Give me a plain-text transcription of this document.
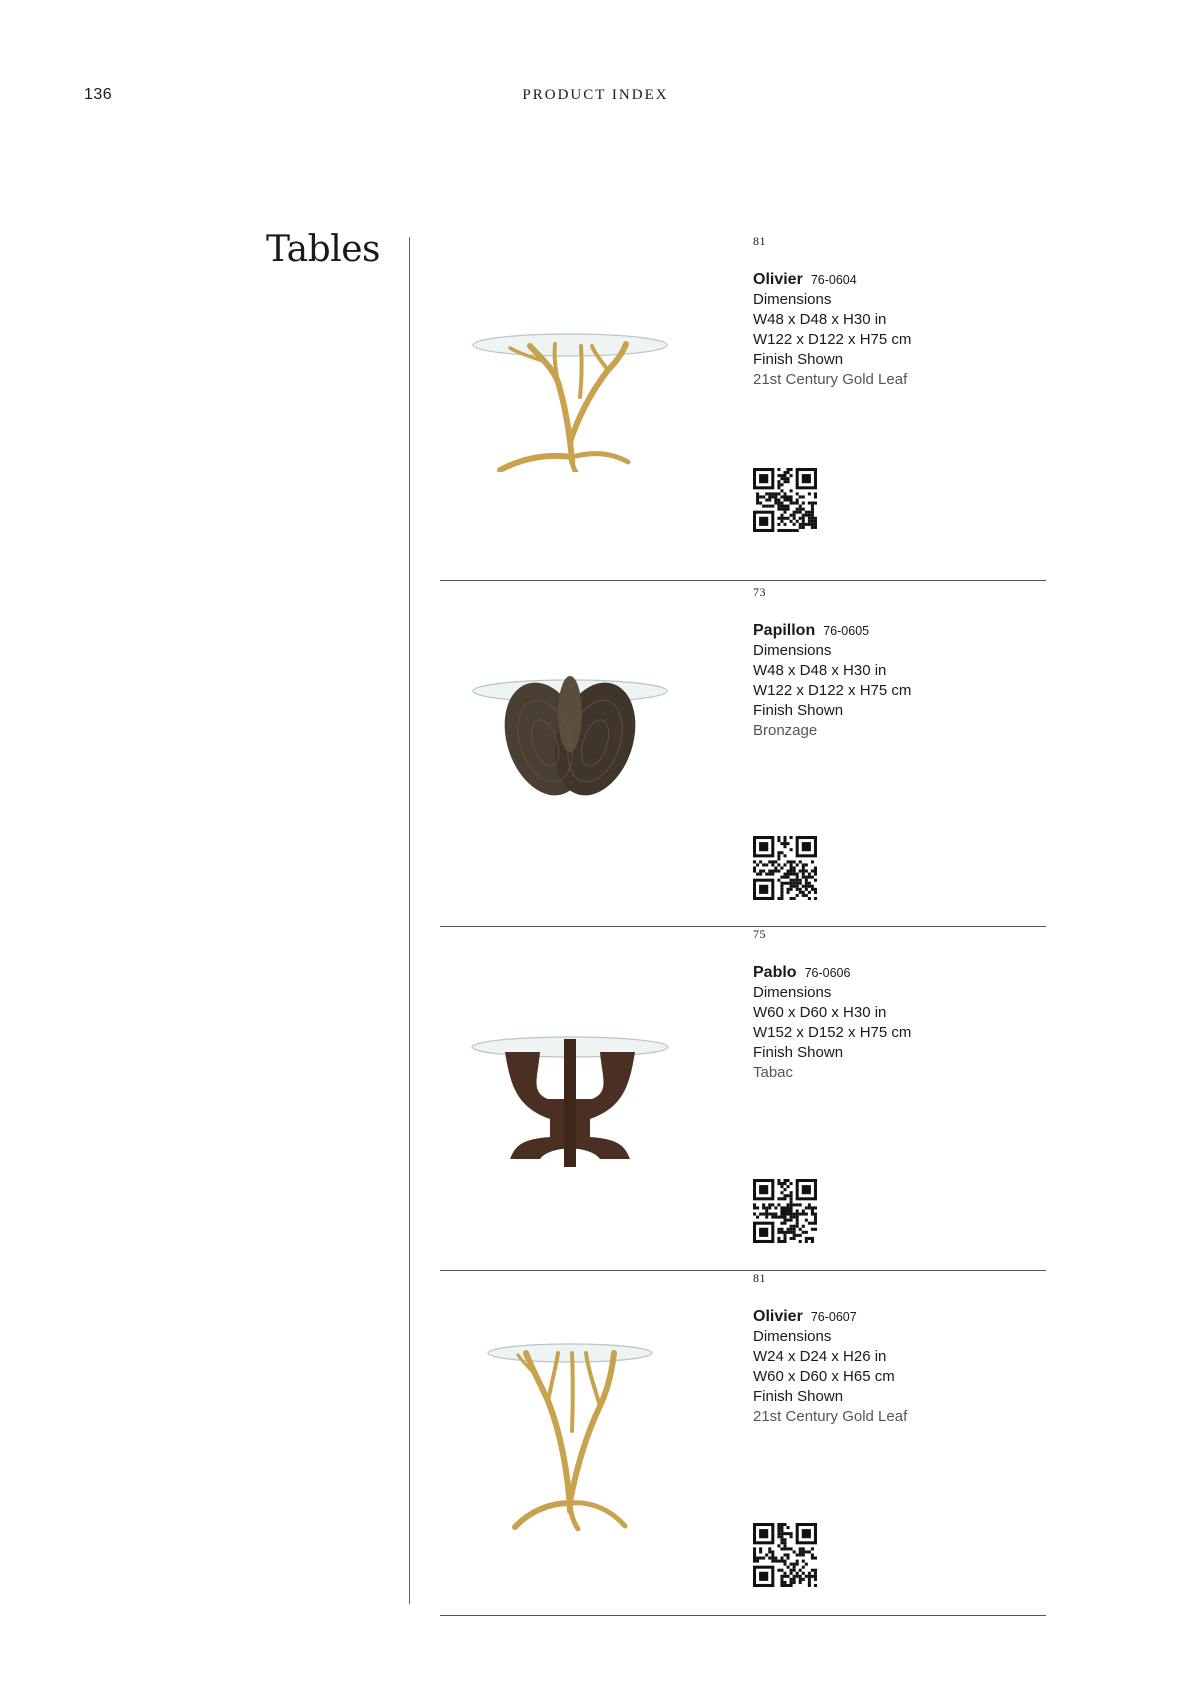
136	PRODUCT INDEX
Tables	81
Olivier 76-0604
Dimensions
W48 x D48 x H30 in
W122 x D122 x H75 cm
Finish Shown
21st Century Gold Leaf
73
Papillon 76-0605
Dimensions
W48 x D48 x H30 in
W122 x D122 x H75 cm
Finish Shown
Bronzage
75
Pablo 76-0606
Dimensions
W60 x D60 x H30 in
W152 x D152 x H75 cm
Finish Shown
Tabac
81
Olivier 76-0607
Dimensions
W24 x D24 x H26 in
W60 x D60 x H65 cm
Finish Shown
21st Century Gold Leaf
